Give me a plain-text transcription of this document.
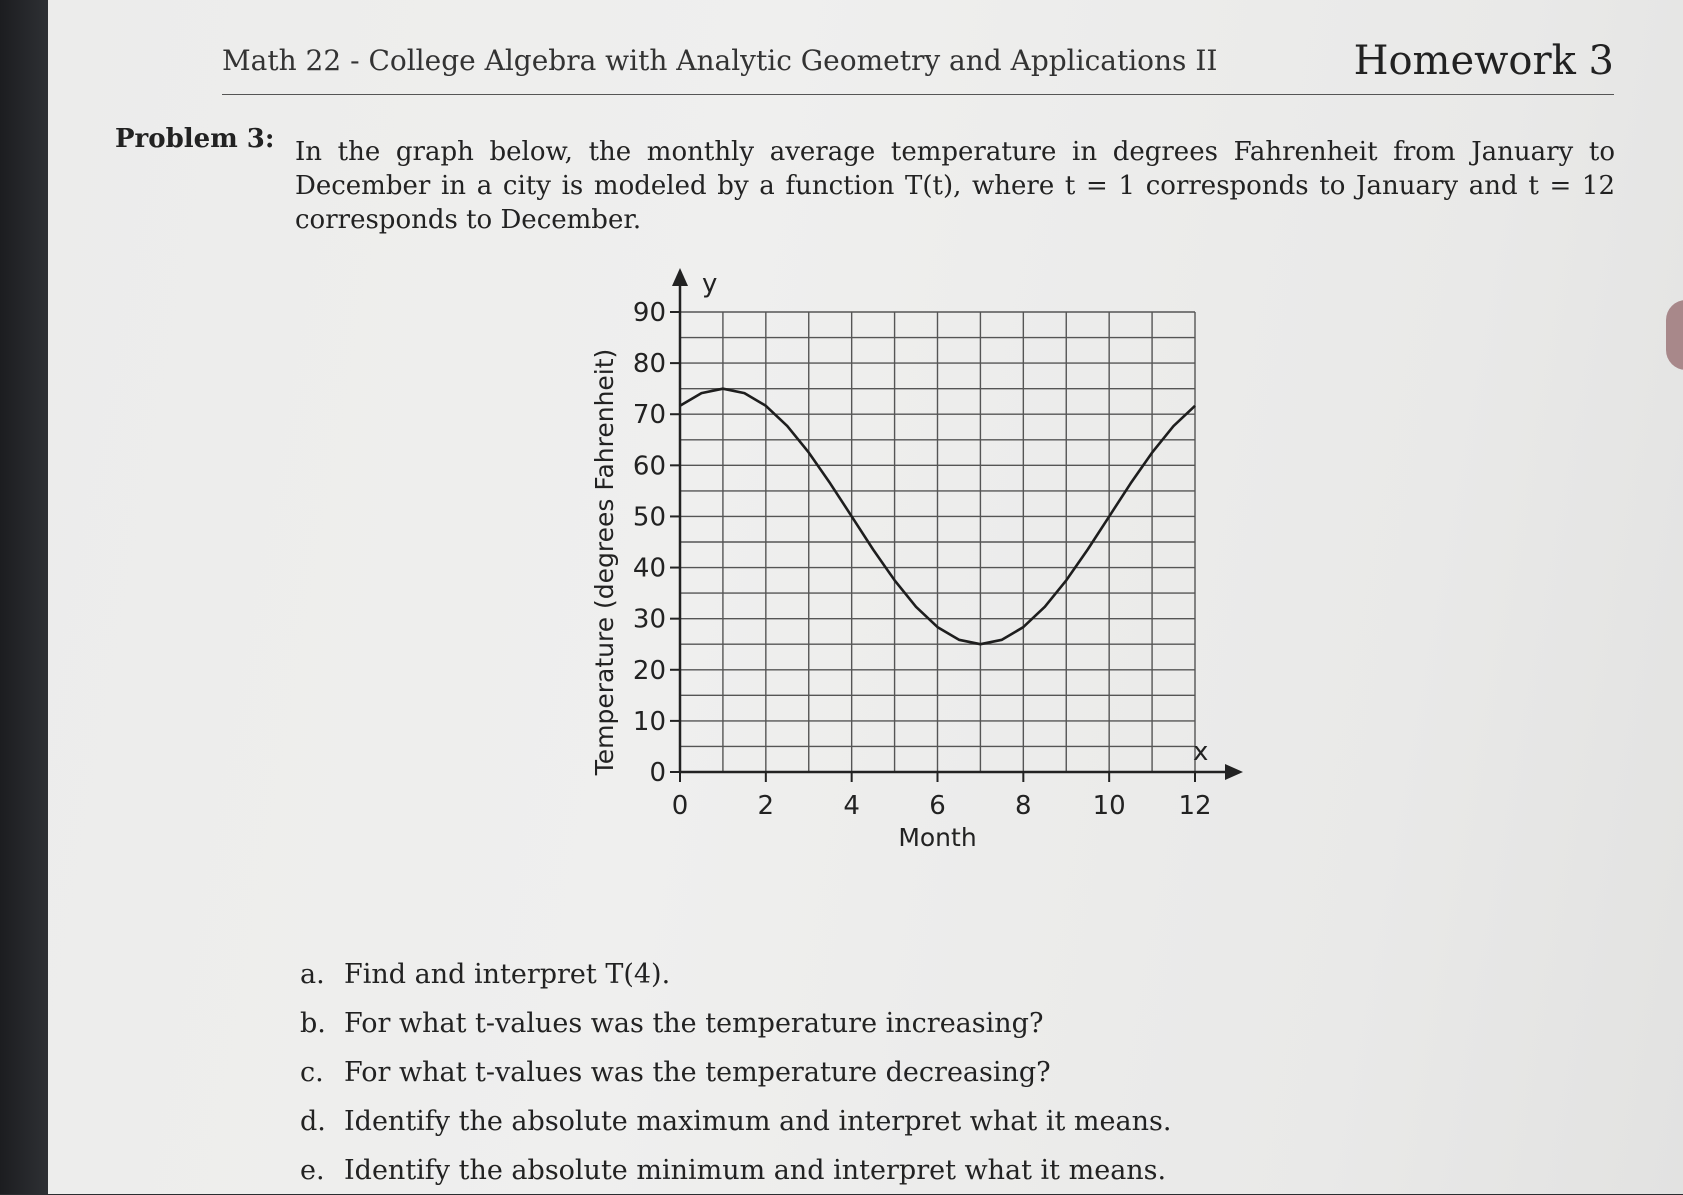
Math 22 - College Algebra with Analytic Geometry and Applications II	Homework 3
Problem 3: In the graph below, the monthly average temperature in degrees Fahrenheit from January to December in a city is modeled by a function T(t), where t = 1 corresponds to January and t = 12 corresponds to December.
0
10
20
30
40
50
60
70
80
90
0	2	4	6	8 10 12
y
x
Month
Temperature (degrees Fahrenheit)
a. Find and interpret T(4).
b. For what t-values was the temperature increasing?
c. For what t-values was the temperature decreasing?
d. Identify the absolute maximum and interpret what it means.
e. Identify the absolute minimum and interpret what it means.
